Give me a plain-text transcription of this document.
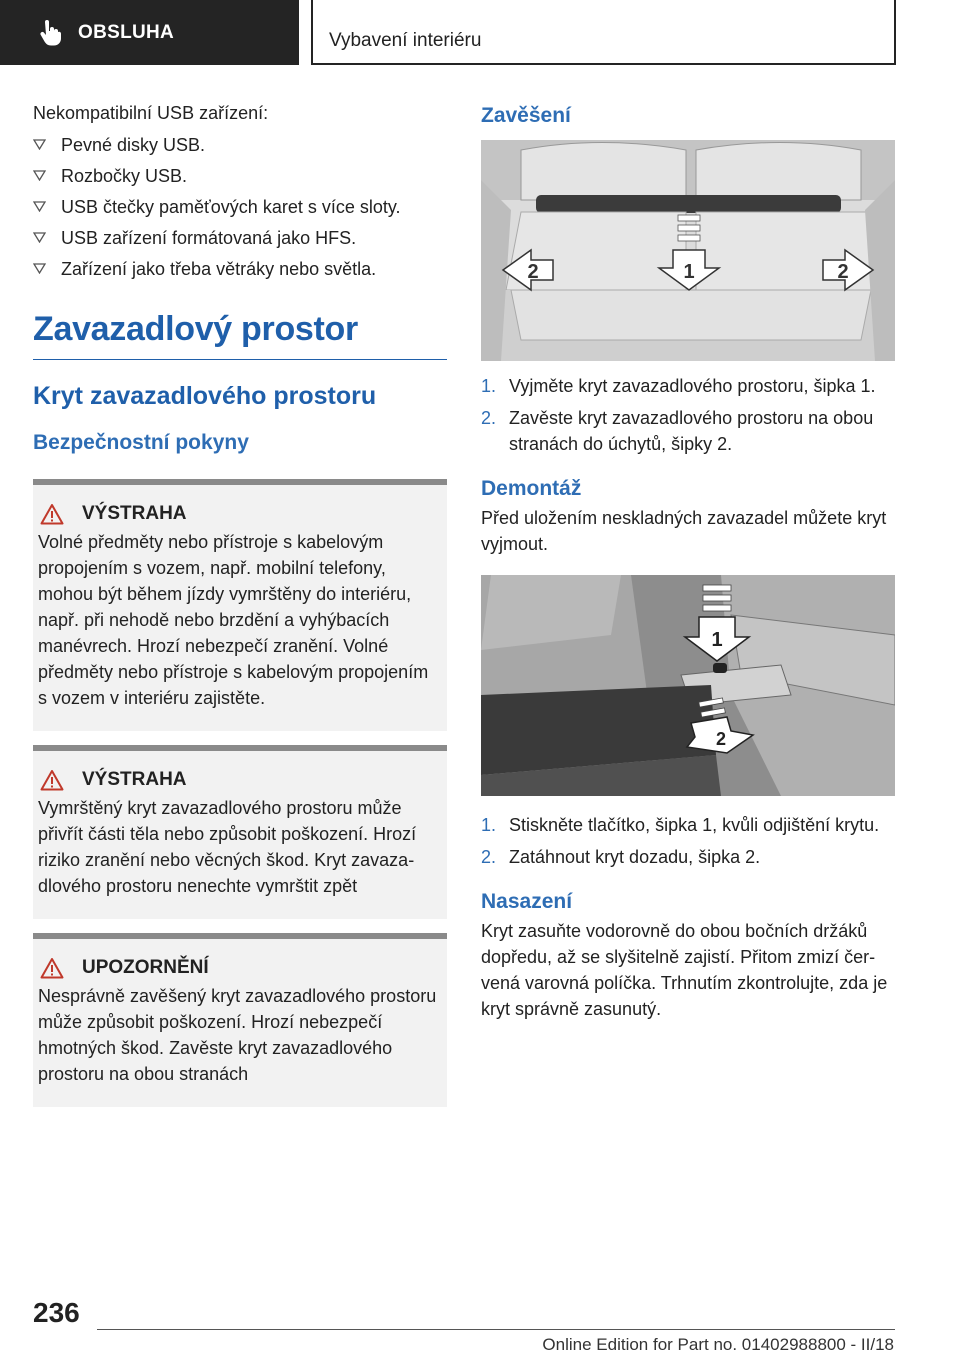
OBSLUHA	Vybavení interiéru
Nekompatibilní USB zařízení:
Pevné disky USB.
Rozbočky USB.
USB čtečky paměťových karet s více sloty.
USB zařízení formátovaná jako HFS.
Zařízení jako třeba větráky nebo světla.
Zavazadlový prostor
Kryt zavazadlového prostoru
Bezpečnostní pokyny
VÝSTRAHA
Volné předměty nebo přístroje s kabelovým propojením s vozem, např. mobilní telefony, mohou být během jízdy vymrštěny do interiéru, např. při nehodě nebo brzdění a vyhýbacích manévrech. Hrozí nebezpečí zranění. Volné předměty nebo přístroje s kabelovým propojením s vozem v interiéru zajistěte.
VÝSTRAHA
Vymrštěný kryt zavazadlového prostoru může přivřít části těla nebo způsobit poškození. Hrozí riziko zranění nebo věcných škod. Kryt zavazadlového prostoru nenechte vymrštit zpět
UPOZORNĚNÍ
Nesprávně zavěšený kryt zavazadlového prostoru může způsobit poškození. Hrozí nebezpečí hmotných škod. Zavěste kryt zavazadlového prostoru na obou stranách
Zavěšení
1
2	2
1. Vyjměte kryt zavazadlového prostoru, šipka 1.
2. Zavěste kryt zavazadlového prostoru na obou stranách do úchytů, šipky 2.
Demontáž
Před uložením neskladných zavazadel můžete kryt vyjmout.
1
2
1. Stiskněte tlačítko, šipka 1, kvůli odjištění krytu.
2. Zatáhnout kryt dozadu, šipka 2.
Nasazení
Kryt zasuňte vodorovně do obou bočních držáků dopředu, až se slyšitelně zajistí. Přitom zmizí červená varovná políčka. Trhnutím zkontrolujte, zda je kryt správně zasunutý.
236
Online Edition for Part no. 01402988800 - II/18
